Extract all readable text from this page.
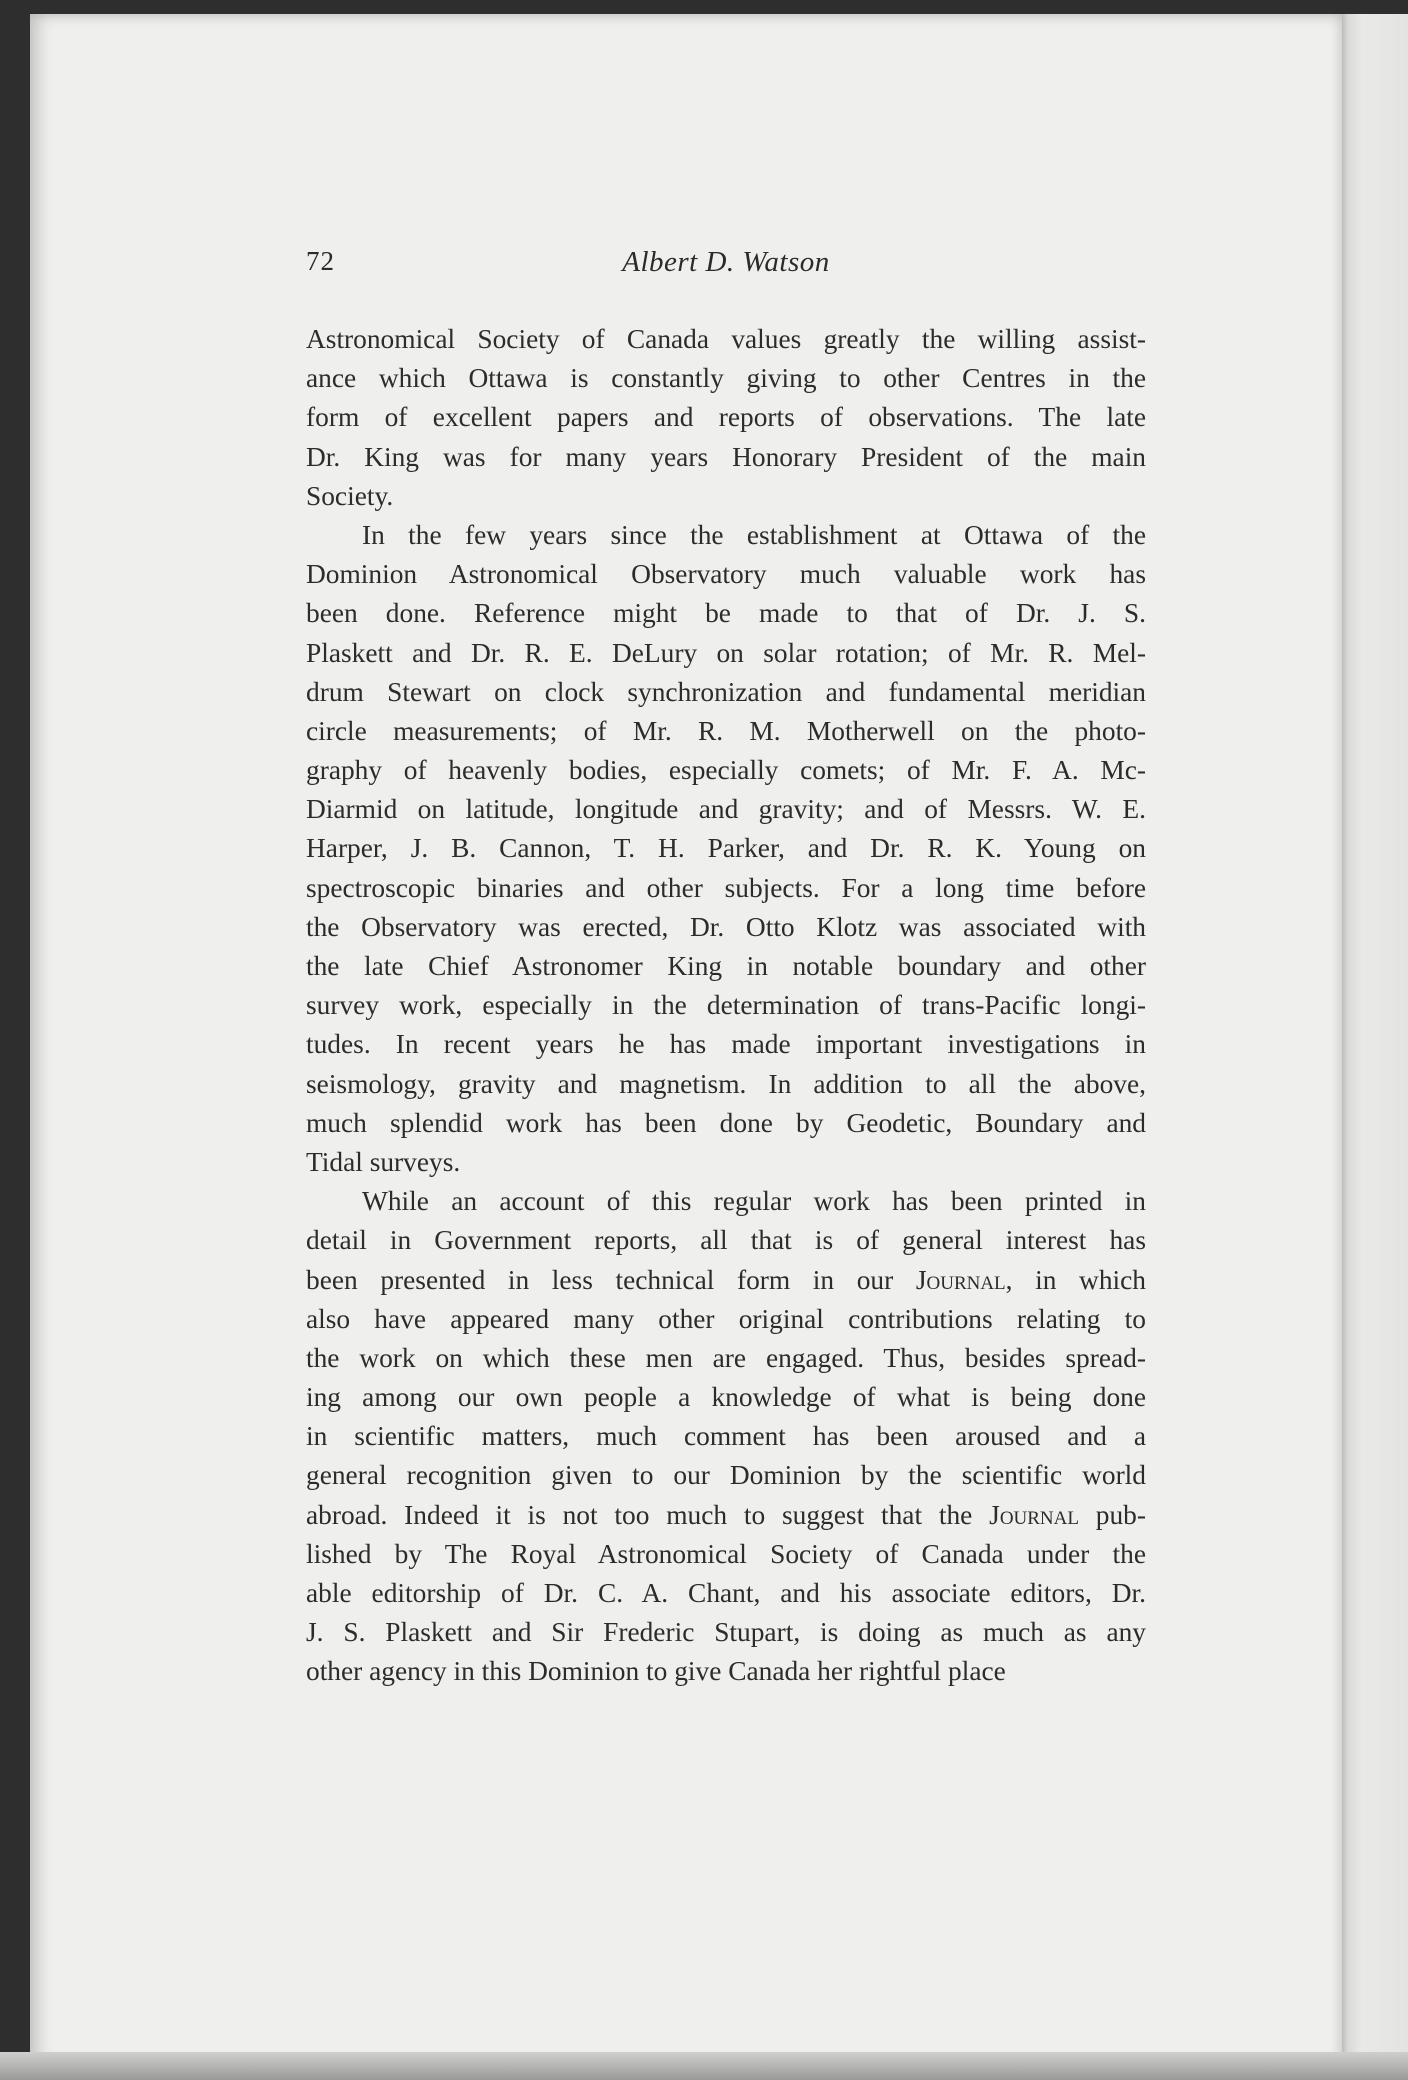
72	Albert D. Watson
Astronomical Society of Canada values greatly the willing assist-
ance which Ottawa is constantly giving to other Centres in the
form of excellent papers and reports of observations. The late
Dr. King was for many years Honorary President of the main
Society.
In the few years since the establishment at Ottawa of the
Dominion Astronomical Observatory much valuable work has
been done. Reference might be made to that of Dr. J. S.
Plaskett and Dr. R. E. DeLury on solar rotation; of Mr. R. Mel-
drum Stewart on clock synchronization and fundamental meridian
circle measurements; of Mr. R. M. Motherwell on the photo-
graphy of heavenly bodies, especially comets; of Mr. F. A. Mc-
Diarmid on latitude, longitude and gravity; and of Messrs. W. E.
Harper, J. B. Cannon, T. H. Parker, and Dr. R. K. Young on
spectroscopic binaries and other subjects. For a long time before
the Observatory was erected, Dr. Otto Klotz was associated with
the late Chief Astronomer King in notable boundary and other
survey work, especially in the determination of trans-Pacific longi-
tudes. In recent years he has made important investigations in
seismology, gravity and magnetism. In addition to all the above,
much splendid work has been done by Geodetic, Boundary and
Tidal surveys.
While an account of this regular work has been printed in
detail in Government reports, all that is of general interest has
been presented in less technical form in our Journal, in which
also have appeared many other original contributions relating to
the work on which these men are engaged. Thus, besides spread-
ing among our own people a knowledge of what is being done
in scientific matters, much comment has been aroused and a
general recognition given to our Dominion by the scientific world
abroad. Indeed it is not too much to suggest that the Journal pub-
lished by The Royal Astronomical Society of Canada under the
able editorship of Dr. C. A. Chant, and his associate editors, Dr.
J. S. Plaskett and Sir Frederic Stupart, is doing as much as any
other agency in this Dominion to give Canada her rightful place
